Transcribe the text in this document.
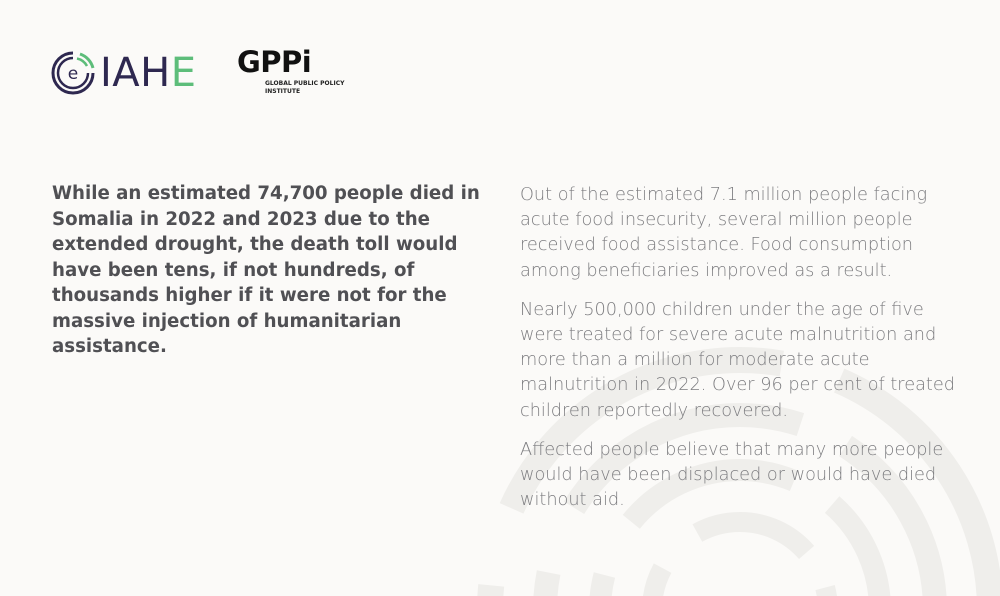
e IAHE GPPi
GLOBAL PUBLIC POLICY
INSTITUTE

While an estimated 74,700 people died in Somalia in 2022 and 2023 due to the extended drought, the death toll would have been tens, if not hundreds, of thousands higher if it were not for the massive injection of humanitarian assistance.

Out of the estimated 7.1 million people facing acute food insecurity, several million people received food assistance. Food consumption among beneficiaries improved as a result.

Nearly 500,000 children under the age of five were treated for severe acute malnutrition and more than a million for moderate acute malnutrition in 2022. Over 96 per cent of treated children reportedly recovered.

Affected people believe that many more people would have been displaced or would have died without aid.
